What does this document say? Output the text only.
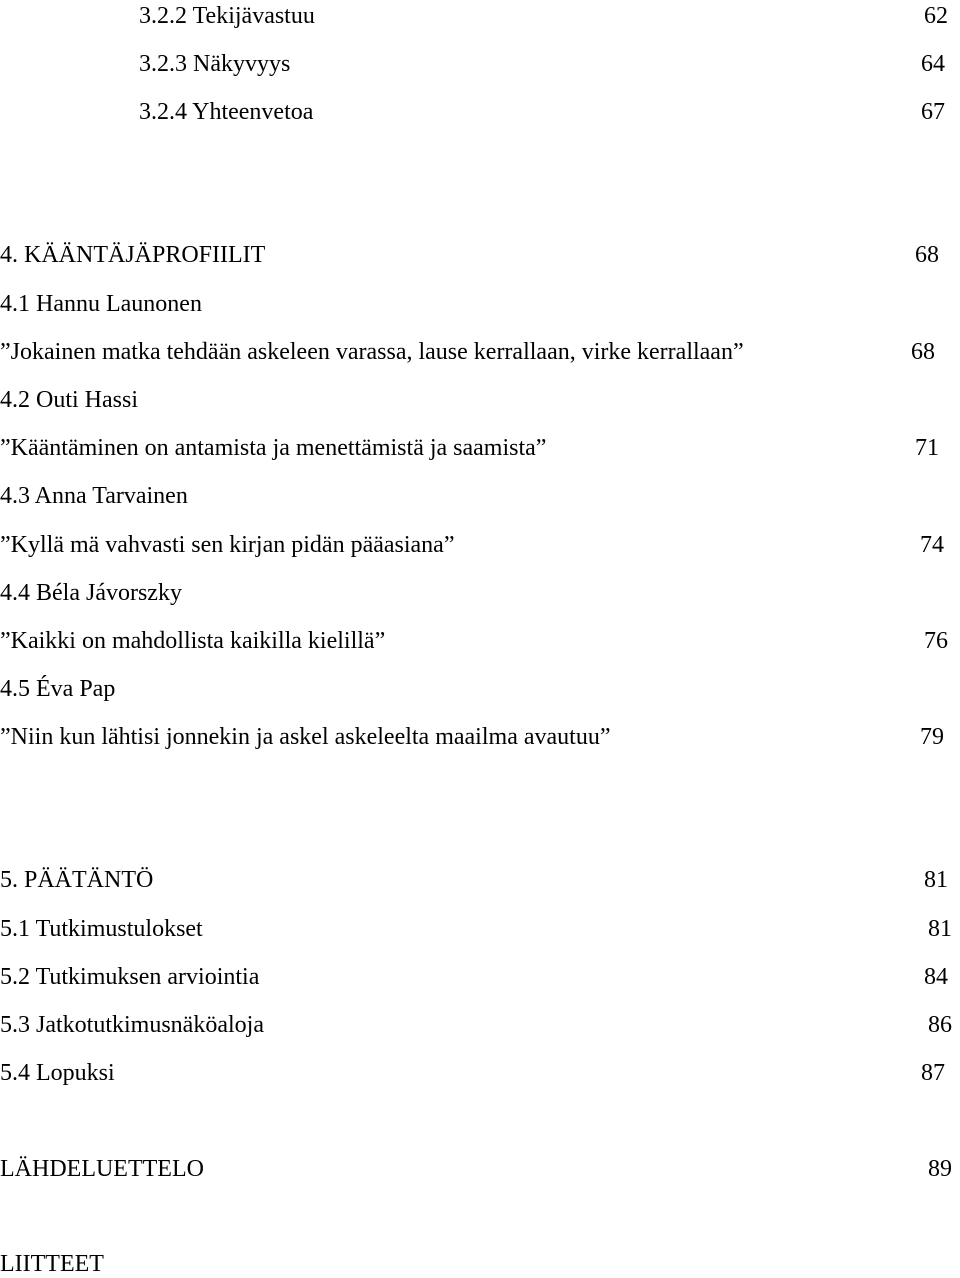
3.2.2 Tekijävastuu	62

3.2.3 Näkyvyys	64

3.2.4 Yhteenvetoa	67

4. KÄÄNTÄJÄPROFIILIT	68

4.1 Hannu Launonen

”Jokainen matka tehdään askeleen varassa, lause kerrallaan, virke kerrallaan”	68

4.2 Outi Hassi

”Kääntäminen on antamista ja menettämistä ja saamista”	71

4.3 Anna Tarvainen

”Kyllä mä vahvasti sen kirjan pidän pääasiana”	74

4.4 Béla Jávorszky

”Kaikki on mahdollista kaikilla kielillä”	76

4.5 Éva Pap

”Niin kun lähtisi jonnekin ja askel askeleelta maailma avautuu”	79

5. PÄÄTÄNTÖ	81

5.1 Tutkimustulokset	81

5.2 Tutkimuksen arviointia	84

5.3 Jatkotutkimusnäköaloja	86

5.4 Lopuksi	87

LÄHDELUETTELO	89

LIITTEET
